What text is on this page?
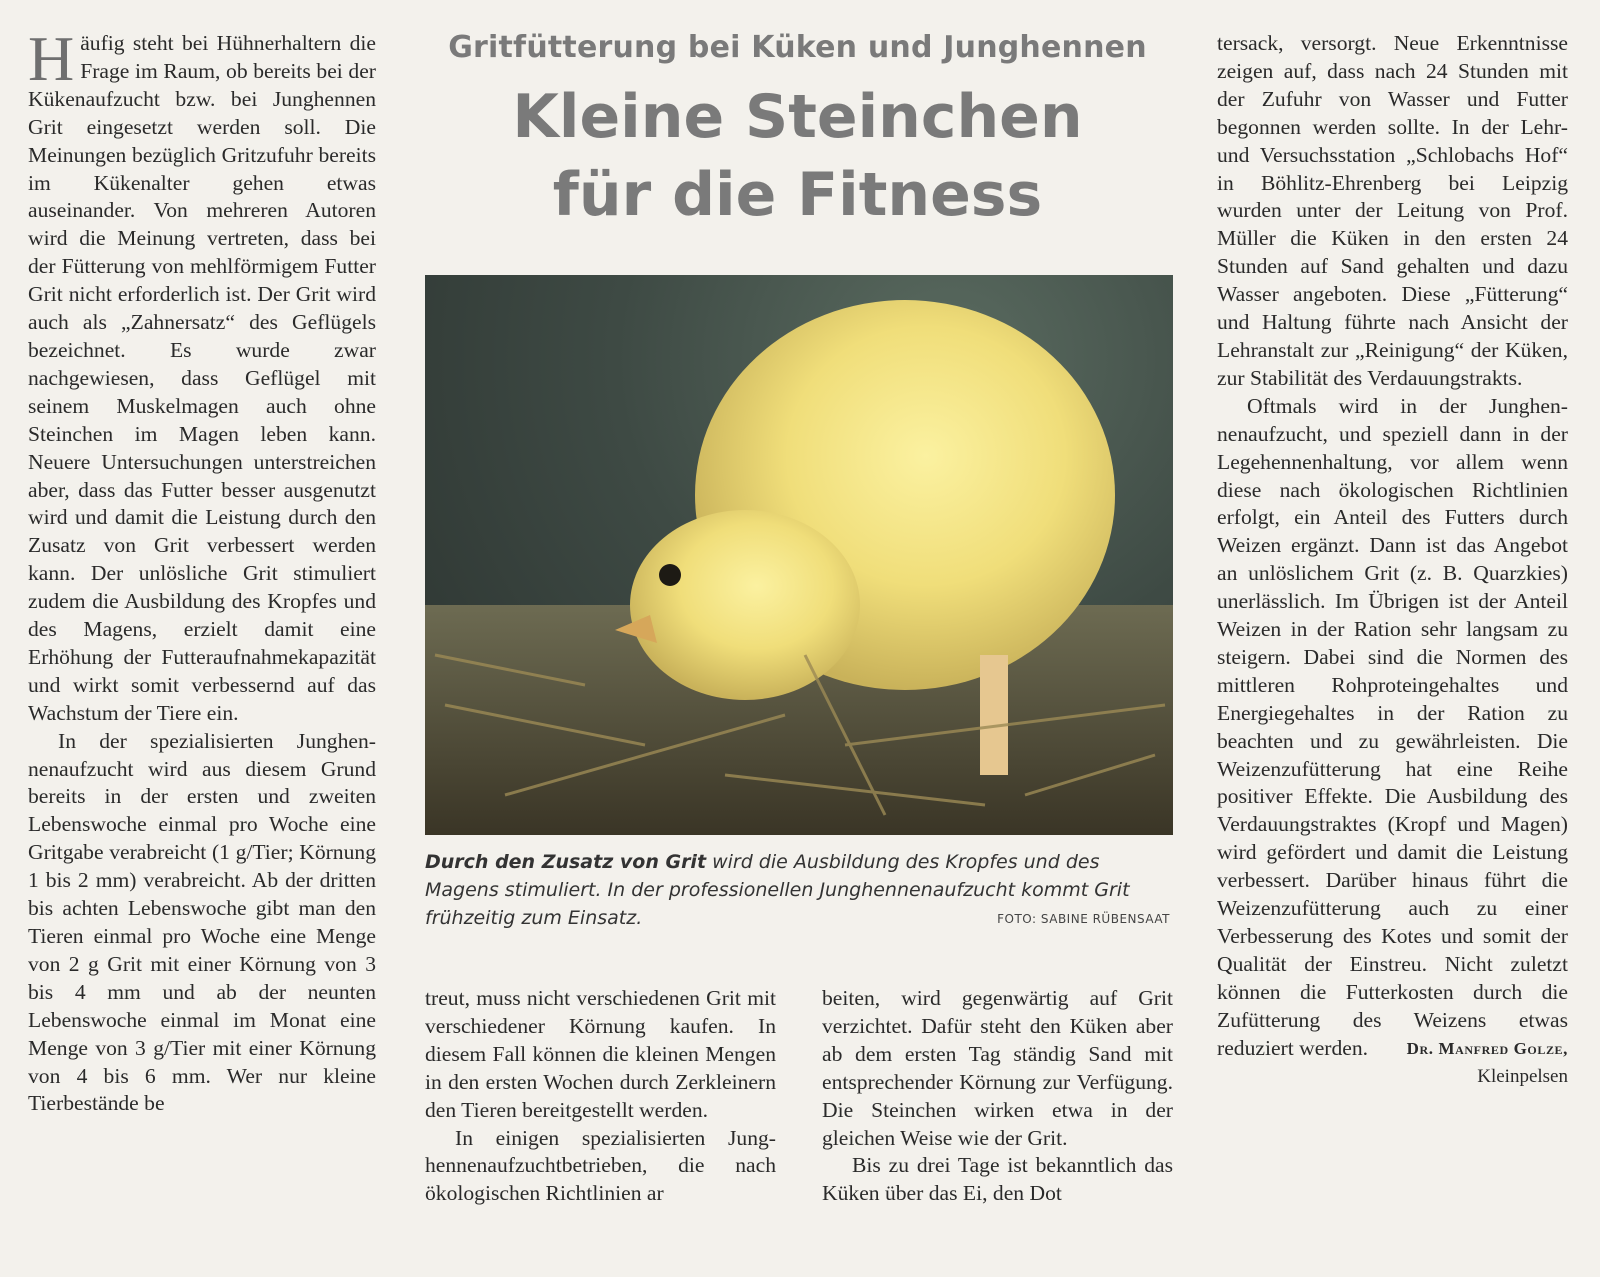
Gritfütterung bei Küken und Junghennen
Kleine Steinchen
für die Fitness

Häufig steht bei Hühnerhaltern die Frage im Raum, ob bereits bei der Kükenaufzucht bzw. bei Junghennen Grit eingesetzt werden soll. Die Meinungen bezüglich Gritzufuhr bereits im Kükenalter gehen etwas auseinander. Von mehreren Autoren wird die Meinung vertreten, dass bei der Fütterung von mehlförmigem Futter Grit nicht erforderlich ist. Der Grit wird auch als „Zahnersatz“ des Geflügels bezeichnet. Es wurde zwar nachgewiesen, dass Geflügel mit seinem Muskelmagen auch ohne Steinchen im Magen leben kann. Neuere Untersuchungen unterstreichen aber, dass das Futter besser ausgenutzt wird und damit die Leistung durch den Zusatz von Grit verbessert werden kann. Der unlösliche Grit stimuliert zudem die Ausbildung des Kropfes und des Magens, erzielt damit eine Erhöhung der Futteraufnahmekapazität und wirkt somit verbessernd auf das Wachstum der Tiere ein.

In der spezialisierten Junghennenaufzucht wird aus diesem Grund bereits in der ersten und zweiten Lebenswoche einmal pro Woche eine Gritgabe verabreicht (1 g/Tier; Körnung 1 bis 2 mm) verabreicht. Ab der dritten bis achten Lebenswoche gibt man den Tieren einmal pro Woche eine Menge von 2 g Grit mit einer Körnung von 3 bis 4 mm und ab der neunten Lebenswoche einmal im Monat eine Menge von 3 g/Tier mit einer Körnung von 4 bis 6 mm. Wer nur kleine Tierbestände be

Durch den Zusatz von Grit wird die Ausbildung des Kropfes und des Magens stimuliert. In der professionellen Junghennenaufzucht kommt Grit frühzeitig zum Einsatz.	FOTO: SABINE RÜBENSAAT

treut, muss nicht verschiedenen Grit mit verschiedener Körnung kaufen. In diesem Fall können die kleinen Mengen in den ersten Wochen durch Zerkleinern den Tieren bereitgestellt werden.

In einigen spezialisierten Junghennenaufzuchtbetrieben, die nach ökologischen Richtlinien ar

beiten, wird gegenwärtig auf Grit verzichtet. Dafür steht den Küken aber ab dem ersten Tag ständig Sand mit entsprechender Körnung zur Verfügung. Die Steinchen wirken etwa in der gleichen Weise wie der Grit.

Bis zu drei Tage ist bekanntlich das Küken über das Ei, den Dot

tersack, versorgt. Neue Erkenntnisse zeigen auf, dass nach 24 Stunden mit der Zufuhr von Wasser und Futter begonnen werden sollte. In der Lehr- und Versuchsstation „Schlobachs Hof“ in Böhlitz-Ehrenberg bei Leipzig wurden unter der Leitung von Prof. Müller die Küken in den ersten 24 Stunden auf Sand gehalten und dazu Wasser angeboten. Diese „Fütterung“ und Haltung führte nach Ansicht der Lehranstalt zur „Reinigung“ der Küken, zur Stabilität des Verdauungstrakts.

Oftmals wird in der Junghennenaufzucht, und speziell dann in der Legehennenhaltung, vor allem wenn diese nach ökologischen Richtlinien erfolgt, ein Anteil des Futters durch Weizen ergänzt. Dann ist das Angebot an unlöslichem Grit (z. B. Quarzkies) unerlässlich. Im Übrigen ist der Anteil Weizen in der Ration sehr langsam zu steigern. Dabei sind die Normen des mittleren Rohproteingehaltes und Energiegehaltes in der Ration zu beachten und zu gewährleisten. Die Weizenzufütterung hat eine Reihe positiver Effekte. Die Ausbildung des Verdauungstraktes (Kropf und Magen) wird gefördert und damit die Leistung verbessert. Darüber hinaus führt die Weizenzufütterung auch zu einer Verbesserung des Kotes und somit der Qualität der Einstreu. Nicht zuletzt können die Futterkosten durch die Zufütterung des Weizens etwas reduziert werden.	Dr. Manfred Golze,

Kleinpelsen
